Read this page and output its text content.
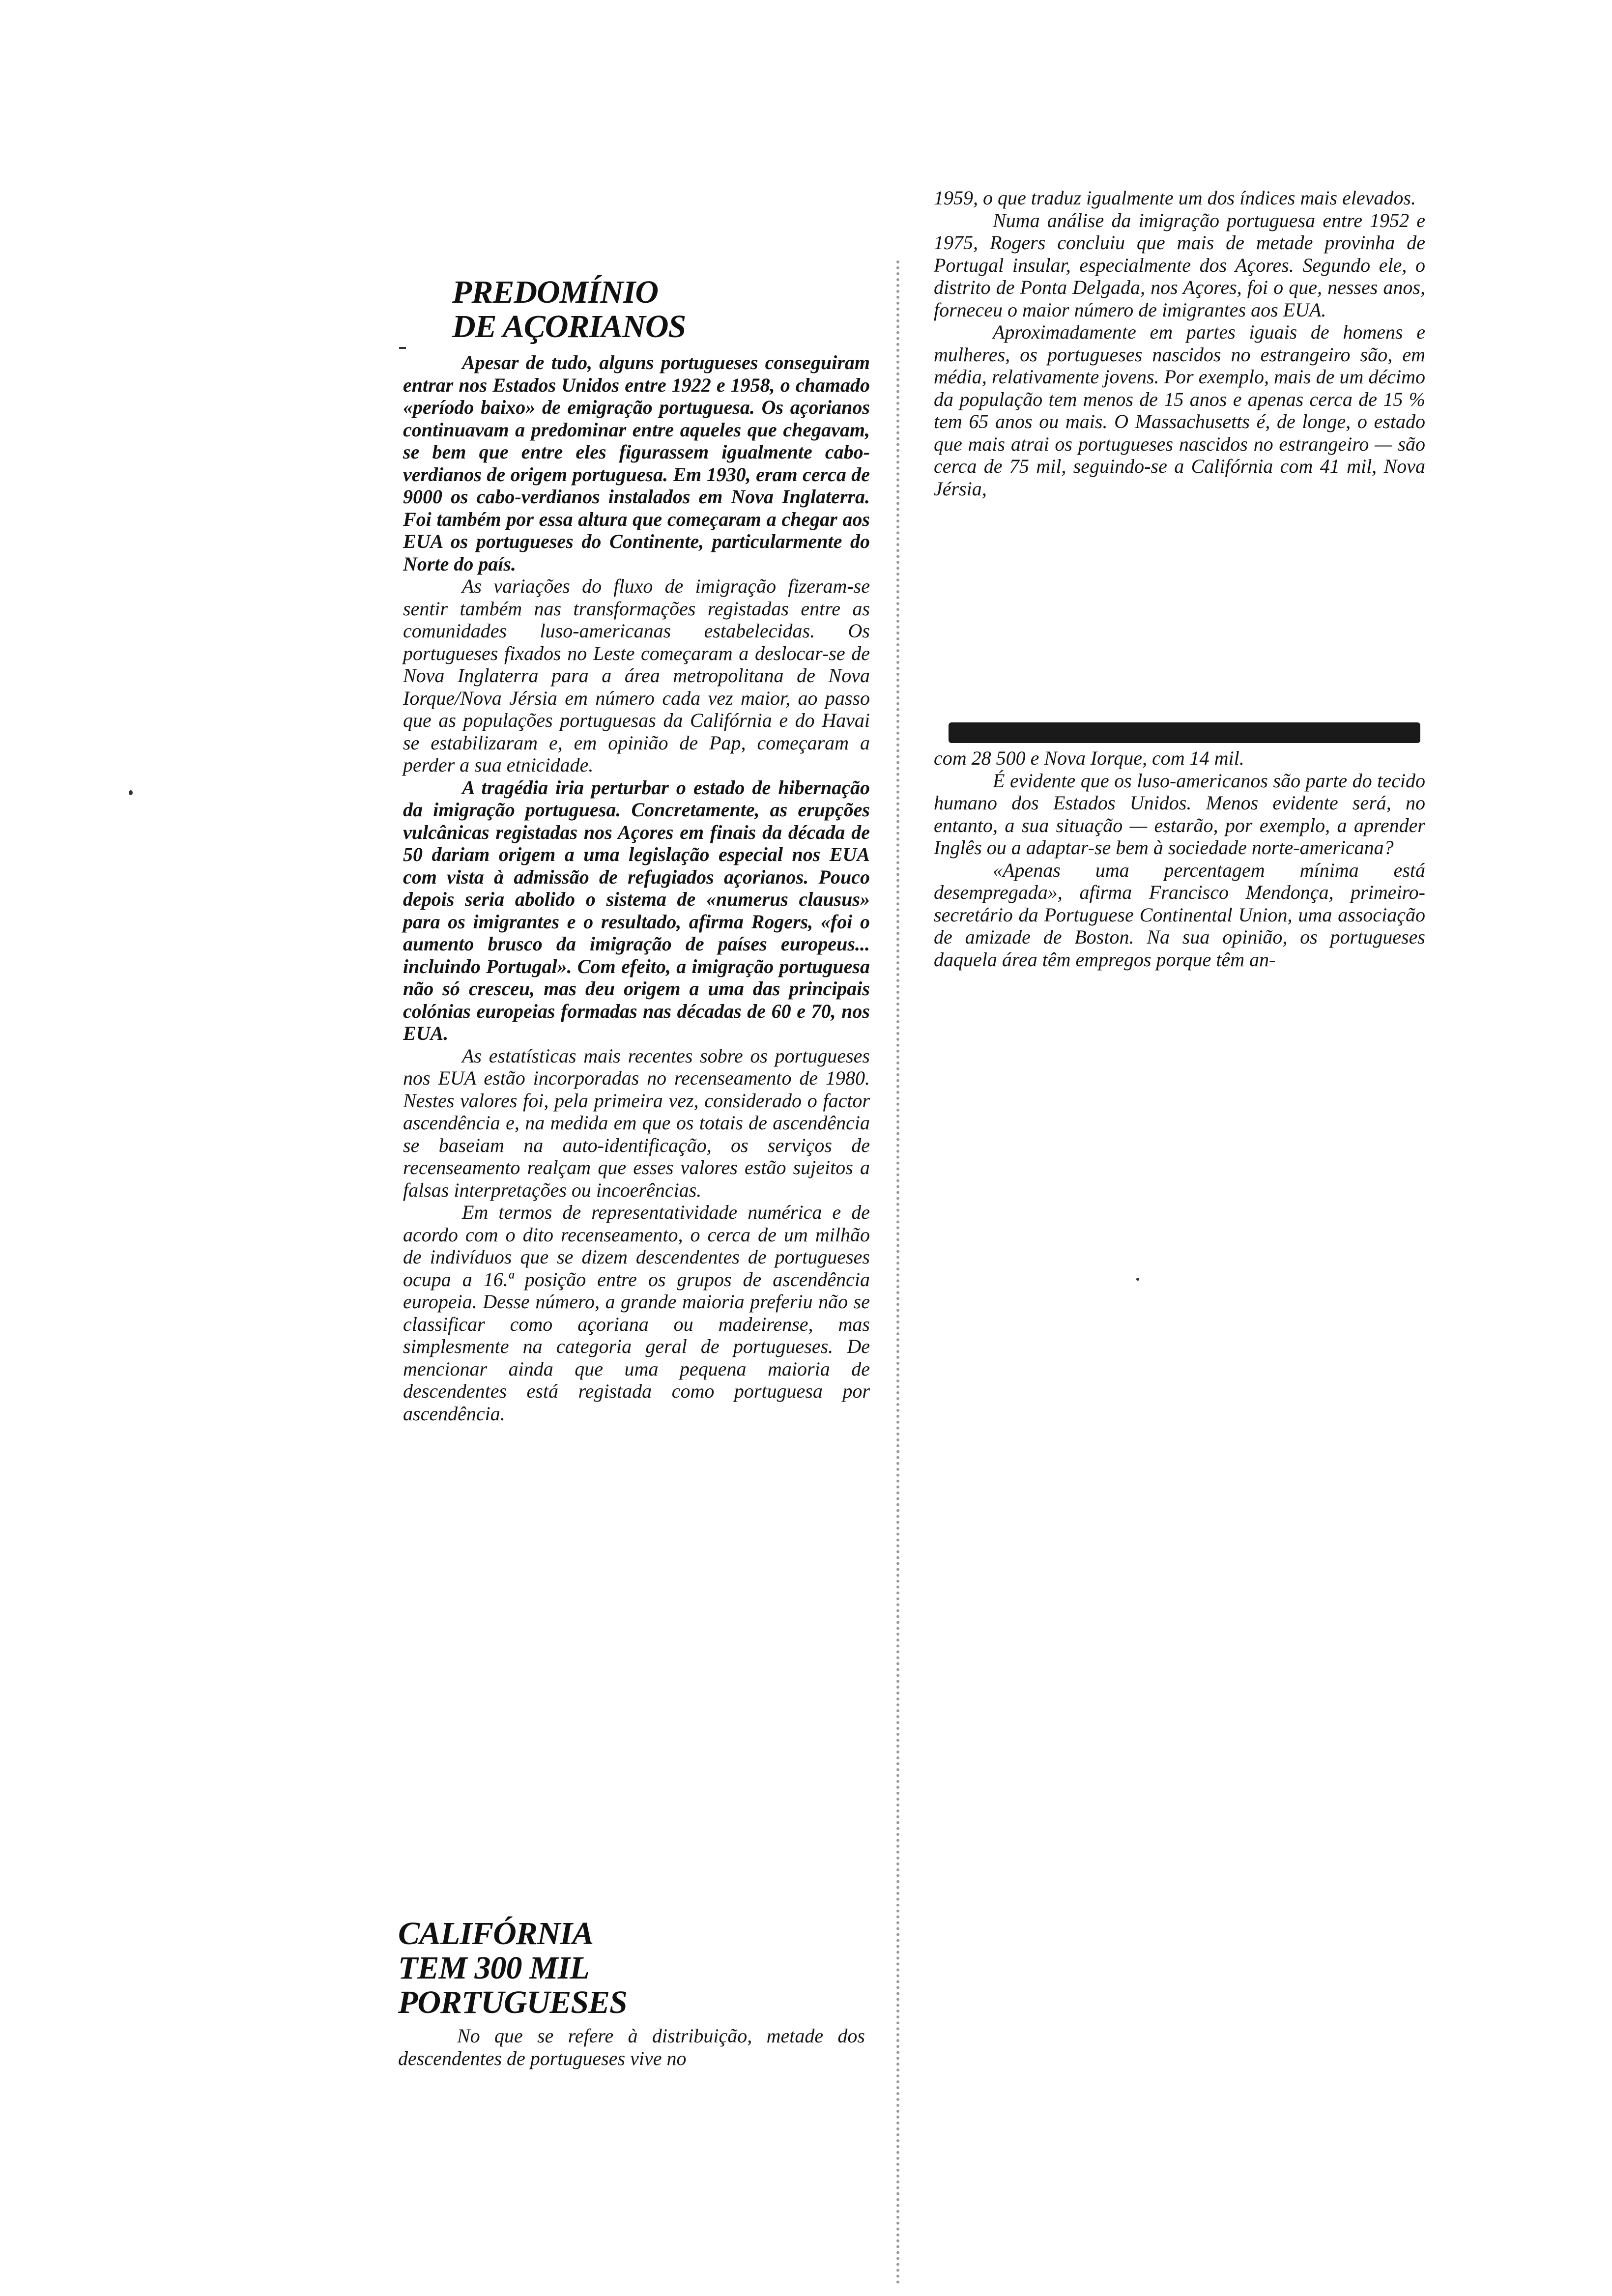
PREDOMÍNIO
DE AÇORIANOS

Apesar de tudo, alguns portugueses conseguiram entrar nos Estados Unidos entre 1922 e 1958, o chamado «período baixo» de emigração portuguesa. Os açorianos continuavam a predominar entre aqueles que chegavam, se bem que entre eles figurassem igualmente cabo-verdianos de origem portuguesa. Em 1930, eram cerca de 9000 os cabo-verdianos instalados em Nova Inglaterra. Foi também por essa altura que começaram a chegar aos EUA os portugueses do Continente, particularmente do Norte do país.

As variações do fluxo de imigração fizeram-se sentir também nas transformações registadas entre as comunidades luso-americanas estabelecidas. Os portugueses fixados no Leste começaram a deslocar-se de Nova Inglaterra para a área metropolitana de Nova Iorque/Nova Jérsia em número cada vez maior, ao passo que as populações portuguesas da Califórnia e do Havai se estabilizaram e, em opinião de Pap, começaram a perder a sua etnicidade.

A tragédia iria perturbar o estado de hibernação da imigração portuguesa. Concretamente, as erupções vulcânicas registadas nos Açores em finais da década de 50 dariam origem a uma legislação especial nos EUA com vista à admissão de refugiados açorianos. Pouco depois seria abolido o sistema de «numerus clausus» para os imigrantes e o resultado, afirma Rogers, «foi o aumento brusco da imigração de países europeus... incluindo Portugal». Com efeito, a imigração portuguesa não só cresceu, mas deu origem a uma das principais colónias europeias formadas nas décadas de 60 e 70, nos EUA.

As estatísticas mais recentes sobre os portugueses nos EUA estão incorporadas no recenseamento de 1980. Nestes valores foi, pela primeira vez, considerado o factor ascendência e, na medida em que os totais de ascendência se baseiam na auto-identificação, os serviços de recenseamento realçam que esses valores estão sujeitos a falsas interpretações ou incoerências.

Em termos de representatividade numérica e de acordo com o dito recenseamento, o cerca de um milhão de indivíduos que se dizem descendentes de portugueses ocupa a 16.ª posição entre os grupos de ascendência europeia. Desse número, a grande maioria preferiu não se classificar como açoriana ou madeirense, mas simplesmente na categoria geral de portugueses. De mencionar ainda que uma pequena maioria de descendentes está registada como portuguesa por ascendência.

CALIFÓRNIA
TEM 300 MIL
PORTUGUESES

No que se refere à distribuição, metade dos descendentes de portugueses vive no

1959, o que traduz igualmente um dos índices mais elevados.

Numa análise da imigração portuguesa entre 1952 e 1975, Rogers concluiu que mais de metade provinha de Portugal insular, especialmente dos Açores. Segundo ele, o distrito de Ponta Delgada, nos Açores, foi o que, nesses anos, forneceu o maior número de imigrantes aos EUA.

Aproximadamente em partes iguais de homens e mulheres, os portugueses nascidos no estrangeiro são, em média, relativamente jovens. Por exemplo, mais de um décimo da população tem menos de 15 anos e apenas cerca de 15 % tem 65 anos ou mais. O Massachusetts é, de longe, o estado que mais atrai os portugueses nascidos no estrangeiro — são cerca de 75 mil, seguindo-se a Califórnia com 41 mil, Nova Jérsia,

com 28 500 e Nova Iorque, com 14 mil.

É evidente que os luso-americanos são parte do tecido humano dos Estados Unidos. Menos evidente será, no entanto, a sua situação — estarão, por exemplo, a aprender Inglês ou a adaptar-se bem à sociedade norte-americana?

«Apenas uma percentagem mínima está desempregada», afirma Francisco Mendonça, primeiro-secretário da Portuguese Continental Union, uma associação de amizade de Boston. Na sua opinião, os portugueses daquela área têm empregos porque têm an-
